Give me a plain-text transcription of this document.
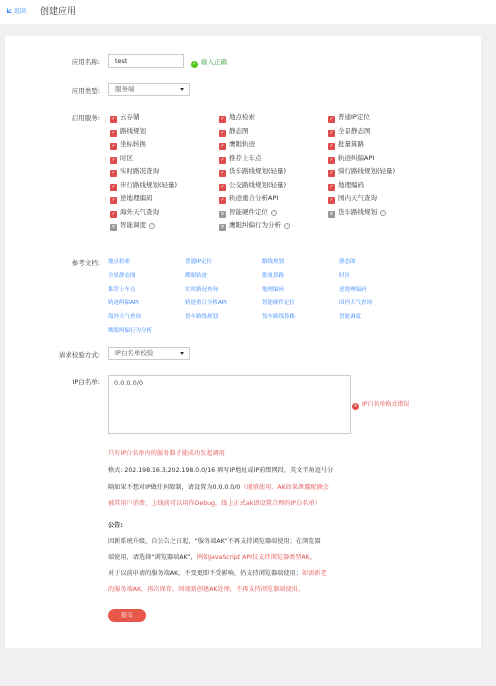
返回 创建应用
应用名称:	test	✓ 输入正确
应用类型:	服务端
启用服务: ✓ 云存储	✓ 地点检索	✓ 普通IP定位
✓ 路线规划	✓ 静态图	✓ 全景静态图
✓ 坐标转换	✓ 鹰眼轨迹	✓ 批量算路
✓ 时区	✓ 推荐上车点	✓ 轨迹纠偏API
✓ 实时路况查询	✓ 货车路线规划(轻量)	✓ 骑行路线规划(轻量)
✓ 步行路线规划(轻量)	✓ 公交路线规划(轻量)	✓ 地理编码
✓ 逆地理编码	✓ 轨迹重合分析API	✓ 国内天气查询
✓ 海外天气查询	× 智能硬件定位 ?	× 货车路线规划 ?
× 智能调度 ?	× 鹰眼纠偏行为分析 ?
参考文档: 地点检索	普通IP定位	路线规划	静态图
全景静态图	鹰眼轨迹	批量算路	时区
推荐上车点	实时路况查询	地理编码	逆地理编码
轨迹纠偏API	轨迹重合分析API	智能硬件定位	国内天气查询
海外天气查询	货车路线规划	货车路线算路	智能调度
鹰眼纠偏行为分析
请求校验方式:	IP白名单校验
IP白名单:	0.0.0.0/0
× IP白名单格式错误
只有IP白名单内的服务器才能成功发起调用
格式: 202.198.16.3,202.198.0.0/16 填写IP地址或IP前缀网段，英文半角逗号分
隔如果不想对IP做任何限制，请设置为0.0.0.0/0（谨慎使用，AK如果泄露配额会
被其用户消费，上线前可以用作Debug，线上正式ak请设置合理的IP白名单）
公告:
因新系统升级，自公告之日起，“服务端AK”不再支持浏览器端使用；在浏览器
端使用，请选择“浏览器端AK”，例如JavaScript API仅支持浏览器类型AK。
对于以前申请的服务端AK，不变更即不受影响，仍支持浏览器端使用；如需新老
的服务端AK，再次保存，则视新创建AK处理，不再支持浏览器端使用。
提交
